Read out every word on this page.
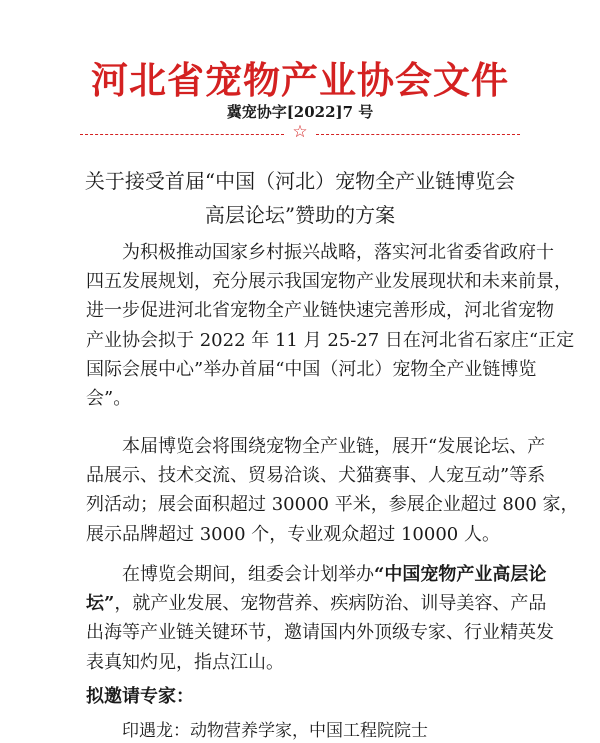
河北省宠物产业协会文件
冀宠协字[2022]7 号
☆
关于接受首届“中国（河北）宠物全产业链博览会
高层论坛”赞助的方案
为积极推动国家乡村振兴战略，落实河北省委省政府十
四五发展规划，充分展示我国宠物产业发展现状和未来前景，
进一步促进河北省宠物全产业链快速完善形成，河北省宠物
产业协会拟于 2022 年 11 月 25-27 日在河北省石家庄“正定
国际会展中心”举办首届“中国（河北）宠物全产业链博览
会”。
本届博览会将围绕宠物全产业链，展开“发展论坛、产
品展示、技术交流、贸易洽谈、犬猫赛事、人宠互动”等系
列活动；展会面积超过 30000 平米，参展企业超过 800 家，
展示品牌超过 3000 个，专业观众超过 10000 人。
在博览会期间，组委会计划举办“中国宠物产业高层论
坛”，就产业发展、宠物营养、疾病防治、训导美容、产品
出海等产业链关键环节，邀请国内外顶级专家、行业精英发
表真知灼见，指点江山。
拟邀请专家：
印遇龙：动物营养学家，中国工程院院士
